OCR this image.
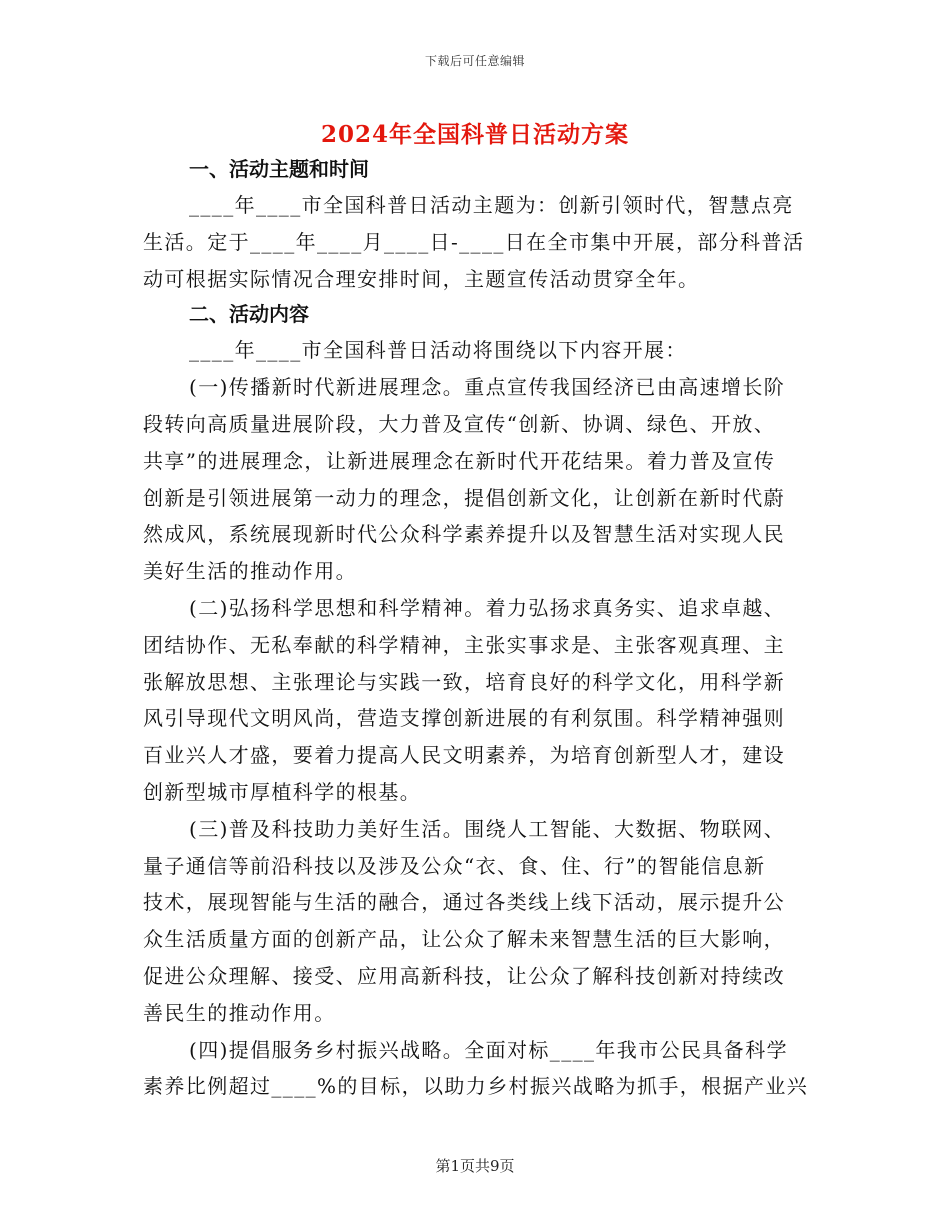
下载后可任意编辑
2024年全国科普日活动方案
一、活动主题和时间

____年____市全国科普日活动主题为：创新引领时代，智慧点亮
生活。定于____年____月____日-____日在全市集中开展，部分科普活
动可根据实际情况合理安排时间，主题宣传活动贯穿全年。

二、活动内容

____年____市全国科普日活动将围绕以下内容开展：

(一)传播新时代新进展理念。重点宣传我国经济已由高速增长阶
段转向高质量进展阶段，大力普及宣传“创新、协调、绿色、开放、
共享”的进展理念，让新进展理念在新时代开花结果。着力普及宣传
创新是引领进展第一动力的理念，提倡创新文化，让创新在新时代蔚
然成风，系统展现新时代公众科学素养提升以及智慧生活对实现人民
美好生活的推动作用。

(二)弘扬科学思想和科学精神。着力弘扬求真务实、追求卓越、
团结协作、无私奉献的科学精神，主张实事求是、主张客观真理、主
张解放思想、主张理论与实践一致，培育良好的科学文化，用科学新
风引导现代文明风尚，营造支撑创新进展的有利氛围。科学精神强则
百业兴人才盛，要着力提高人民文明素养，为培育创新型人才，建设
创新型城市厚植科学的根基。

(三)普及科技助力美好生活。围绕人工智能、大数据、物联网、
量子通信等前沿科技以及涉及公众“衣、食、住、行”的智能信息新
技术，展现智能与生活的融合，通过各类线上线下活动，展示提升公
众生活质量方面的创新产品，让公众了解未来智慧生活的巨大影响，
促进公众理解、接受、应用高新科技，让公众了解科技创新对持续改
善民生的推动作用。

(四)提倡服务乡村振兴战略。全面对标____年我市公民具备科学
素养比例超过____%的目标，以助力乡村振兴战略为抓手，根据产业兴

第1页共9页
